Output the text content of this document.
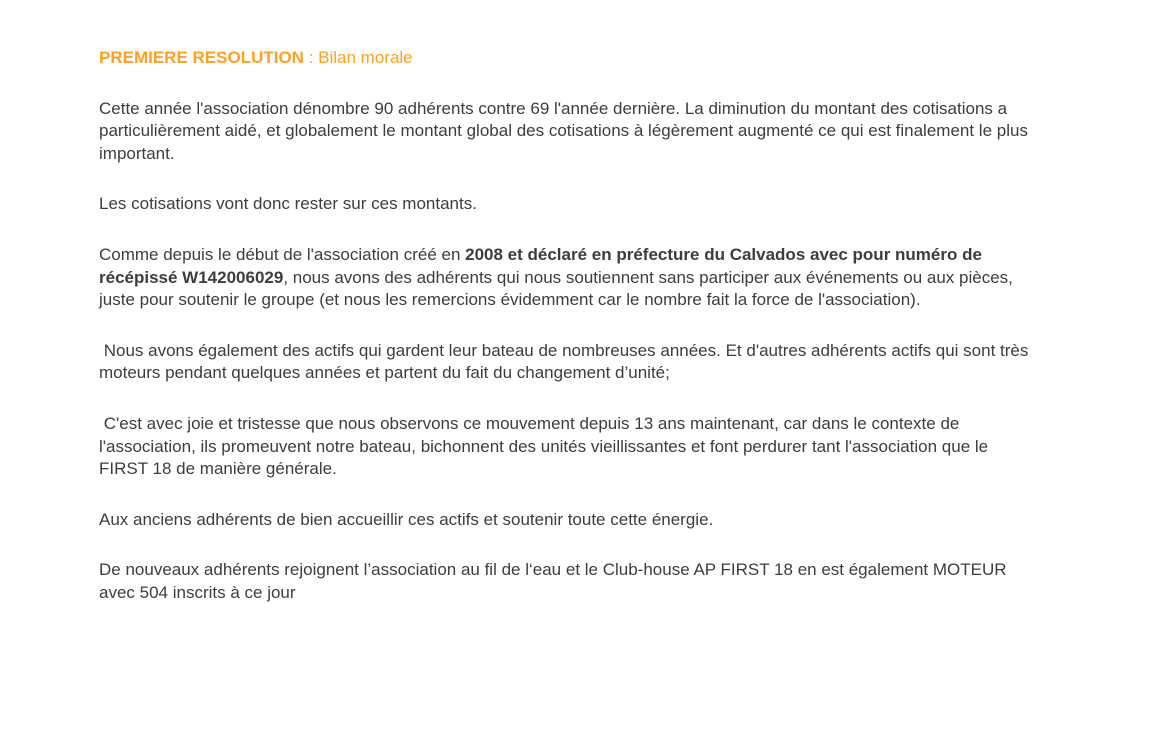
PREMIERE RESOLUTION : Bilan morale

Cette année l'association dénombre 90 adhérents contre 69 l'année dernière. La diminution du montant des cotisations a particulièrement aidé, et globalement le montant global des cotisations à légèrement augmenté ce qui est finalement le plus important.

Les cotisations vont donc rester sur ces montants.

Comme depuis le début de l'association créé en 2008 et déclaré en préfecture du Calvados avec pour numéro de récépissé W142006029, nous avons des adhérents qui nous soutiennent sans participer aux événements ou aux pièces, juste pour soutenir le groupe (et nous les remercions évidemment car le nombre fait la force de l'association).

Nous avons également des actifs qui gardent leur bateau de nombreuses années. Et d'autres adhérents actifs qui sont très moteurs pendant quelques années et partent du fait du changement d’unité;

C'est avec joie et tristesse que nous observons ce mouvement depuis 13 ans maintenant, car dans le contexte de l'association, ils promeuvent notre bateau, bichonnent des unités vieillissantes et font perdurer tant l'association que le FIRST 18 de manière générale.

Aux anciens adhérents de bien accueillir ces actifs et soutenir toute cette énergie.

De nouveaux adhérents rejoignent l’association au fil de l‘eau et le Club-house AP FIRST 18 en est également MOTEUR avec 504 inscrits à ce jour
